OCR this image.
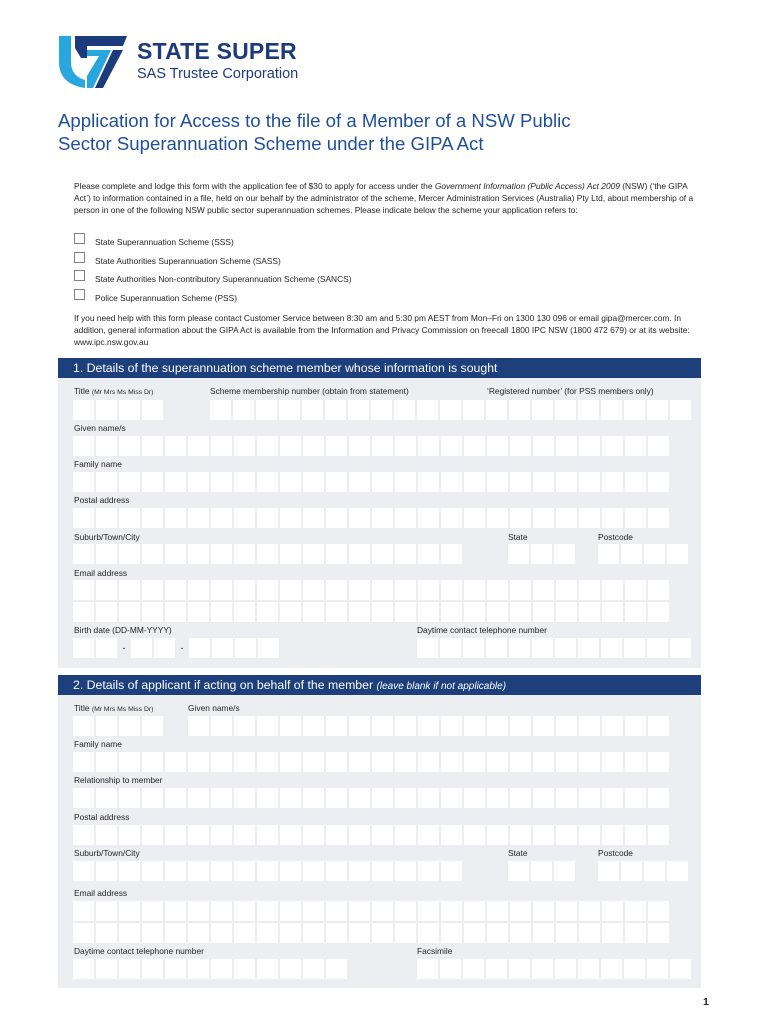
STATE SUPER
SAS Trustee Corporation
Application for Access to the file of a Member of a NSW Public
Sector Superannuation Scheme under the GIPA Act
Please complete and lodge this form with the application fee of $30 to apply for access under the Government Information (Public Access) Act 2009 (NSW) (‘the GIPA Act’) to information contained in a file, held on our behalf by the administrator of the scheme, Mercer Administration Services (Australia) Pty Ltd, about membership of a person in one of the following NSW public sector superannuation schemes. Please indicate below the scheme your application refers to:
State Superannuation Scheme (SSS)
State Authorities Superannuation Scheme (SASS)
State Authorities Non-contributory Superannuation Scheme (SANCS)
Police Superannuation Scheme (PSS)
If you need help with this form please contact Customer Service between 8:30 am and 5:30 pm AEST from Mon–Fri on 1300 130 096 or email gipa@mercer.com. In addition, general information about the GIPA Act is available from the Information and Privacy Commission on freecall 1800 IPC NSW (1800 472 679) or at its website: www.ipc.nsw.gov.au
1. Details of the superannuation scheme member whose information is sought
Title (Mr Mrs Ms Miss Dr)	Scheme membership number (obtain from statement)	‘Registered number’ (for PSS members only)
Given name/s
Family name
Postal address
Suburb/Town/City	State	Postcode
Email address
Birth date (DD-MM-YYYY)	Daytime contact telephone number
-	-
2. Details of applicant if acting on behalf of the member (leave blank if not applicable)
Title (Mr Mrs Ms Miss Dr)	Given name/s
Family name
Relationship to member
Postal address
Suburb/Town/City	State	Postcode
Email address
Daytime contact telephone number	Facsimile
1
